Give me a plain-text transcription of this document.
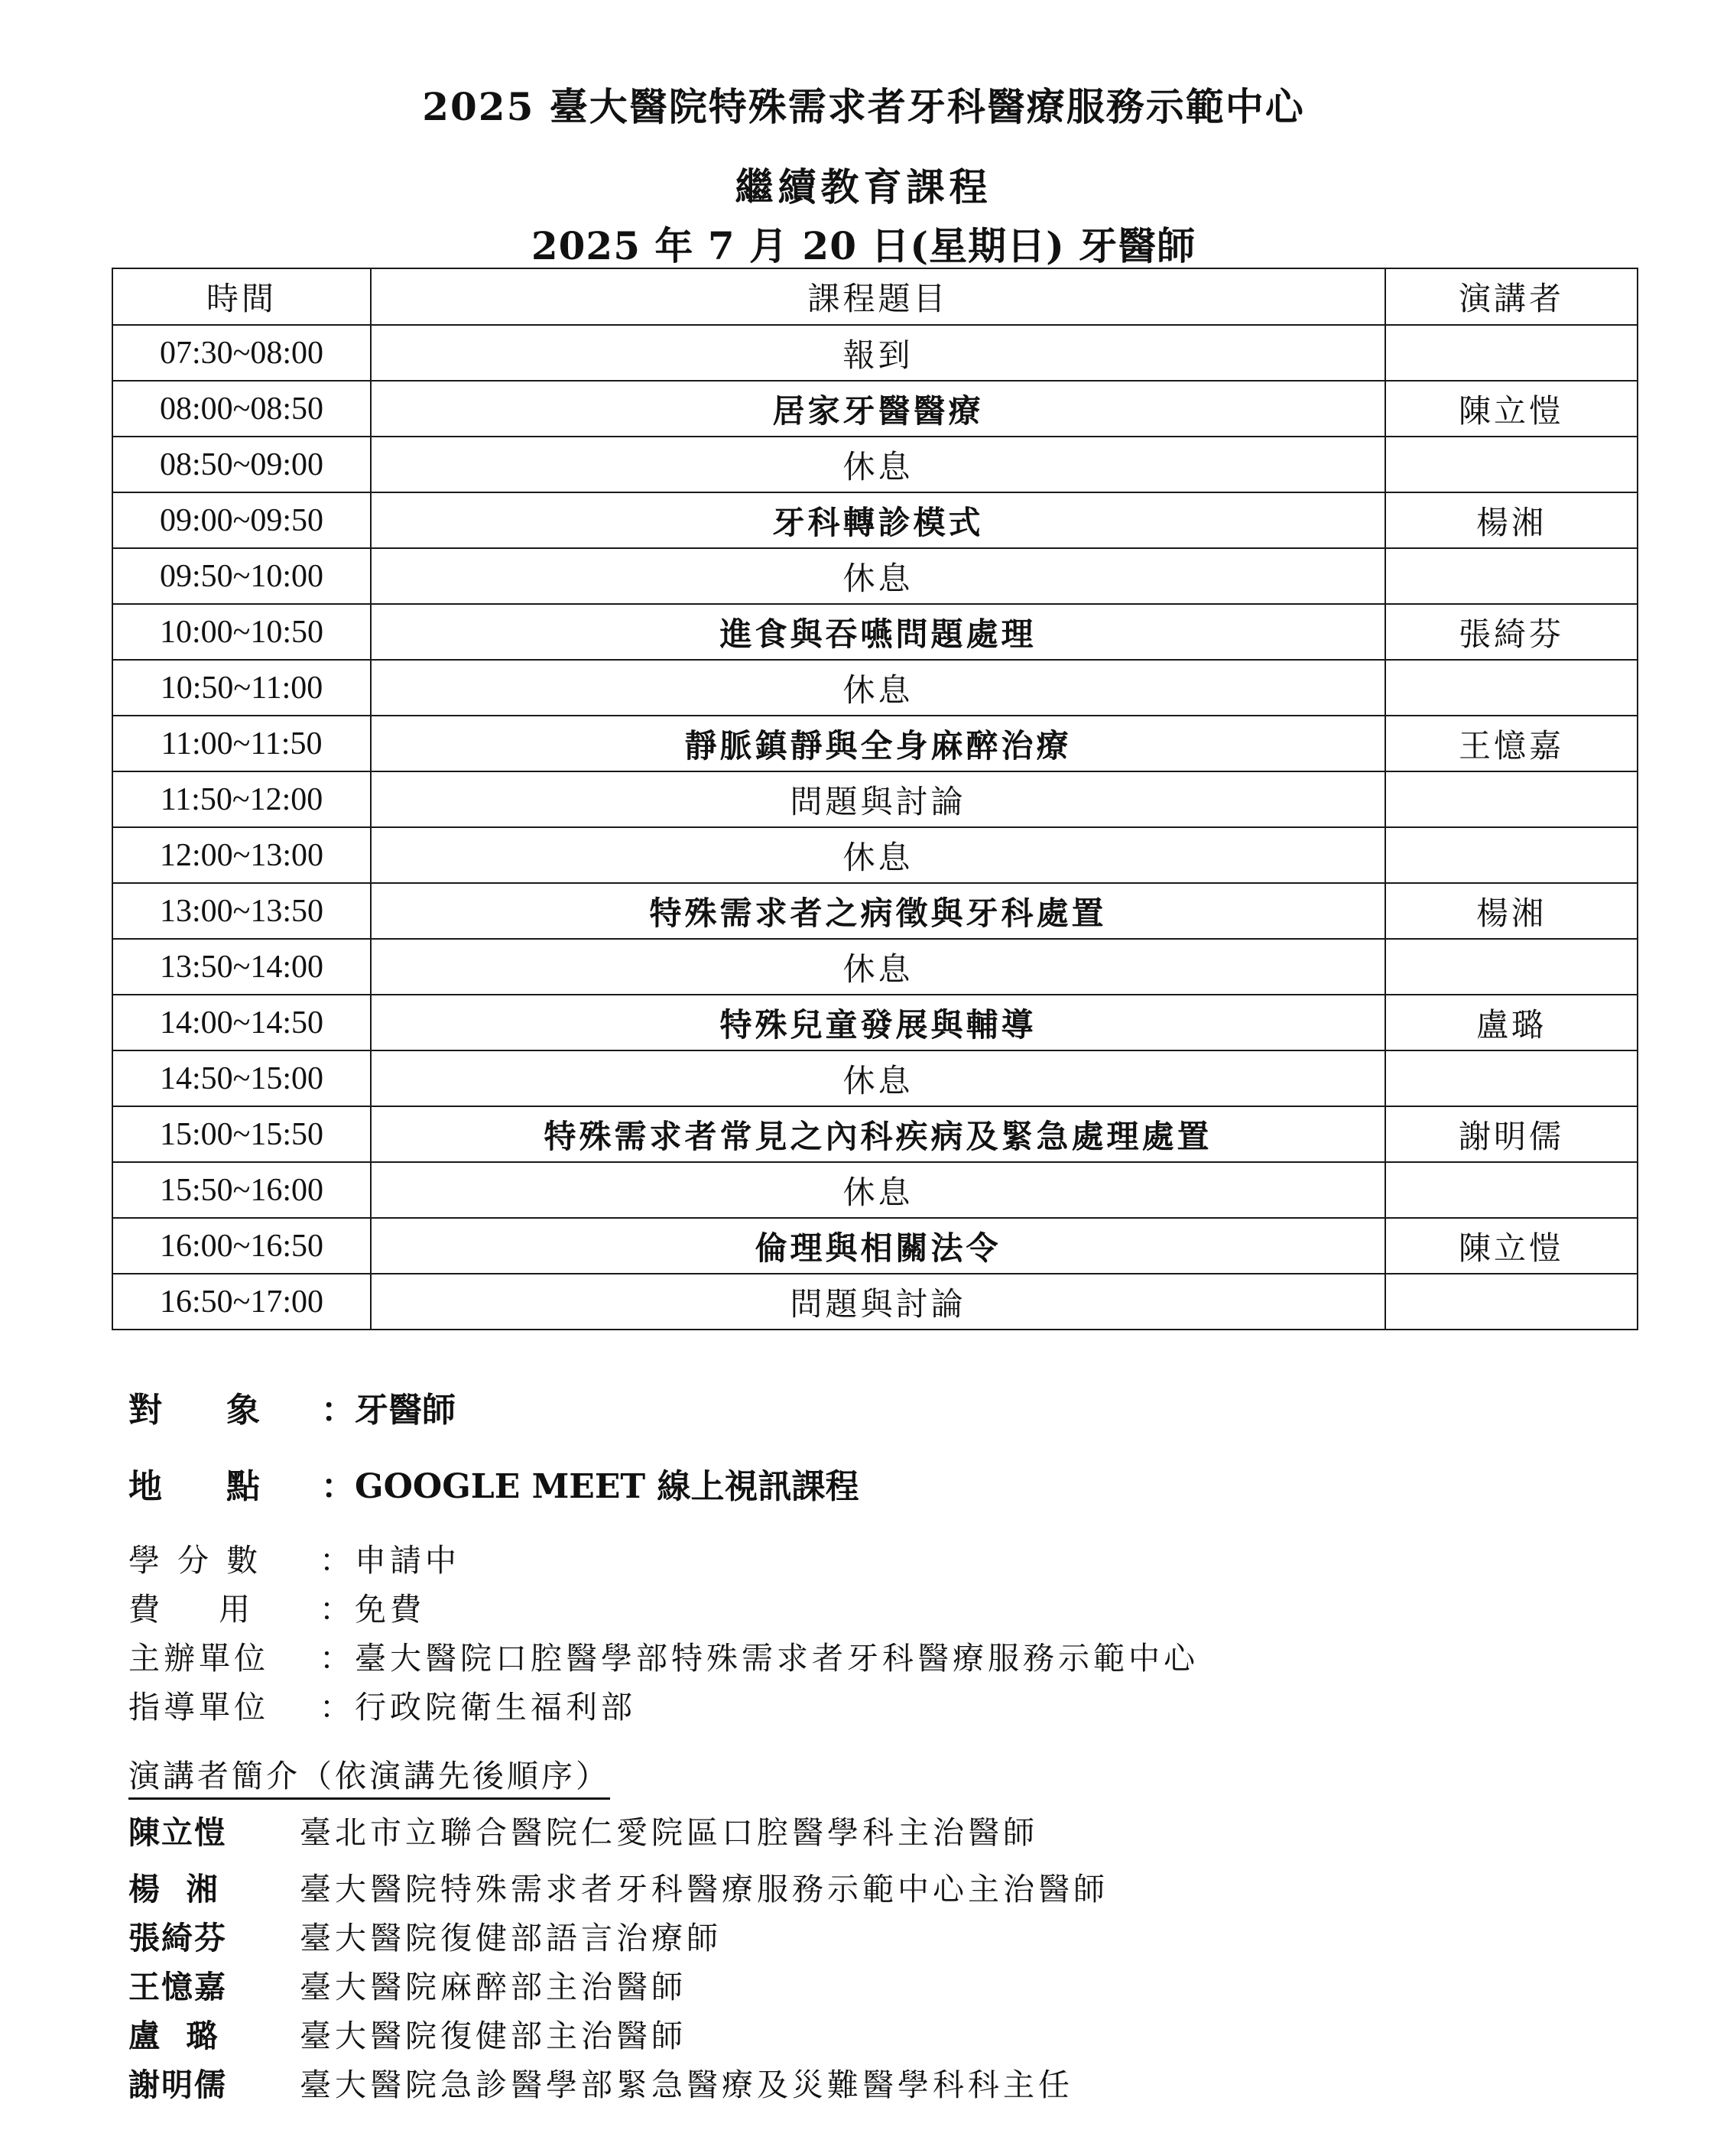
2025 臺大醫院特殊需求者牙科醫療服務示範中心
繼續教育課程
2025 年 7 月 20 日(星期日) 牙醫師
時間	課程題目	演講者
07:30~08:00	報到	
08:00~08:50	居家牙醫醫療	陳立愷
08:50~09:00	休息	
09:00~09:50	牙科轉診模式	楊湘
09:50~10:00	休息	
10:00~10:50	進食與吞嚥問題處理	張綺芬
10:50~11:00	休息	
11:00~11:50	靜脈鎮靜與全身麻醉治療	王憶嘉
11:50~12:00	問題與討論	
12:00~13:00	休息	
13:00~13:50	特殊需求者之病徵與牙科處置	楊湘
13:50~14:00	休息	
14:00~14:50	特殊兒童發展與輔導	盧璐
14:50~15:00	休息	
15:00~15:50	特殊需求者常見之內科疾病及緊急處理處置	謝明儒
15:50~16:00	休息	
16:00~16:50	倫理與相關法令	陳立愷
16:50~17:00	問題與討論	
對 象 ：牙醫師
地 點 ：GOOGLE MEET 線上視訊課程
學 分 數 ：申請中
費    用 ：免費
主辦單位 ：臺大醫院口腔醫學部特殊需求者牙科醫療服務示範中心
指導單位 ：行政院衛生福利部
演講者簡介（依演講先後順序）
陳立愷 臺北市立聯合醫院仁愛院區口腔醫學科主治醫師
楊  湘	臺大醫院特殊需求者牙科醫療服務示範中心主治醫師
張綺芬 臺大醫院復健部語言治療師
王憶嘉 臺大醫院麻醉部主治醫師
盧  璐	臺大醫院復健部主治醫師
謝明儒 臺大醫院急診醫學部緊急醫療及災難醫學科科主任
